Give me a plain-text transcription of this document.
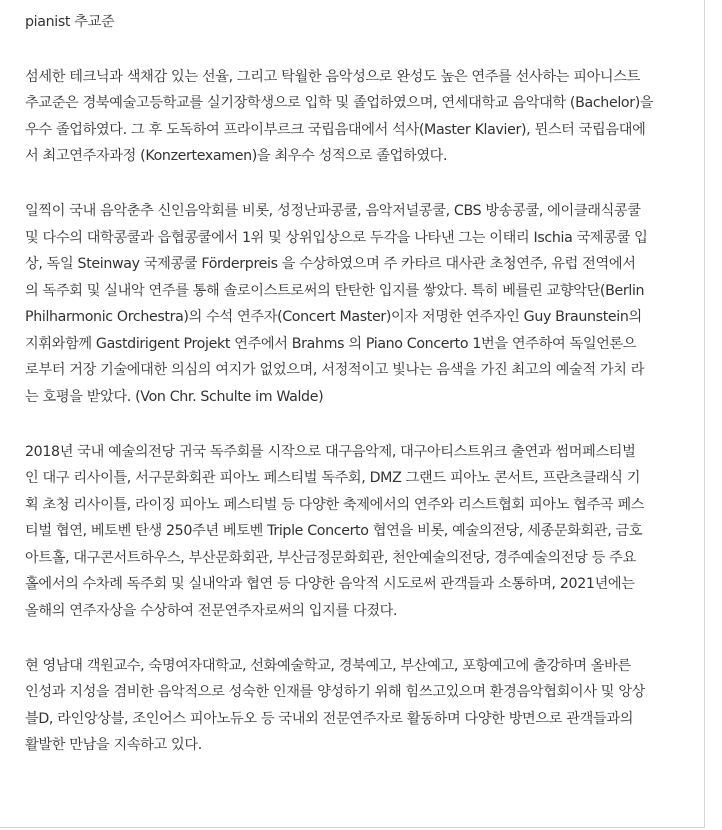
pianist 추교준
섬세한 테크닉과 색채감 있는 선율, 그리고 탁월한 음악성으로 완성도 높은 연주를 선사하는 피아니스트
추교준은 경북예술고등학교를 실기장학생으로 입학 및 졸업하였으며, 연세대학교 음악대학 (Bachelor)을
우수 졸업하였다. 그 후 도독하여 프라이부르크 국립음대에서 석사(Master Klavier), 뮌스터 국립음대에
서 최고연주자과정 (Konzertexamen)을 최우수 성적으로 졸업하였다.
일찍이 국내 음악춘추 신인음악회를 비롯, 성정난파콩쿨, 음악저널콩쿨, CBS 방송콩쿨, 에이클래식콩쿨
및 다수의 대학콩쿨과 읍협콩쿨에서 1위 및 상위입상으로 두각을 나타낸 그는 이태리 Ischia 국제콩쿨 입
상, 독일 Steinway 국제콩쿨 Förderpreis 을 수상하였으며 주 카타르 대사관 초청연주, 유럽 전역에서
의 독주회 및 실내악 연주를 통해 솔로이스트로써의 탄탄한 입지를 쌓았다. 특히 베를린 교향악단(Berlin
Philharmonic Orchestra)의 수석 연주자(Concert Master)이자 저명한 연주자인 Guy Braunstein의
지휘와함께 Gastdirigent Projekt 연주에서 Brahms 의 Piano Concerto 1번을 연주하여 독일언론으
로부터 거장 기술에대한 의심의 여지가 없었으며, 서정적이고 빛나는 음색을 가진 최고의 예술적 가치 라
는 호평을 받았다. (Von Chr. Schulte im Walde)
2018년 국내 예술의전당 귀국 독주회를 시작으로 대구음악제, 대구아티스트위크 출연과 썸머페스티벌
인 대구 리사이틀, 서구문화회관 피아노 페스티벌 독주회, DMZ 그랜드 피아노 콘서트, 프란츠클래식 기
획 초청 리사이틀, 라이징 피아노 페스티벌 등 다양한 축제에서의 연주와 리스트협회 피아노 협주곡 페스
티벌 협연, 베토벤 탄생 250주년 베토벤 Triple Concerto 협연을 비롯, 예술의전당, 세종문화회관, 금호
아트홀, 대구콘서트하우스, 부산문화회관, 부산금정문화회관, 천안예술의전당, 경주예술의전당 등 주요
홀에서의 수차례 독주회 및 실내악과 협연 등 다양한 음악적 시도로써 관객들과 소통하며, 2021년에는
올해의 연주자상을 수상하여 전문연주자로써의 입지를 다졌다.
현 영남대 객원교수, 숙명여자대학교, 선화예술학교, 경북예고, 부산예고, 포항예고에 출강하며 올바른
인성과 지성을 겸비한 음악적으로 성숙한 인재를 양성하기 위해 힘쓰고있으며 환경음악협회이사 및 앙상
블D, 라인앙상블, 조인어스 피아노듀오 등 국내외 전문연주자로 활동하며 다양한 방면으로 관객들과의
활발한 만남을 지속하고 있다.
